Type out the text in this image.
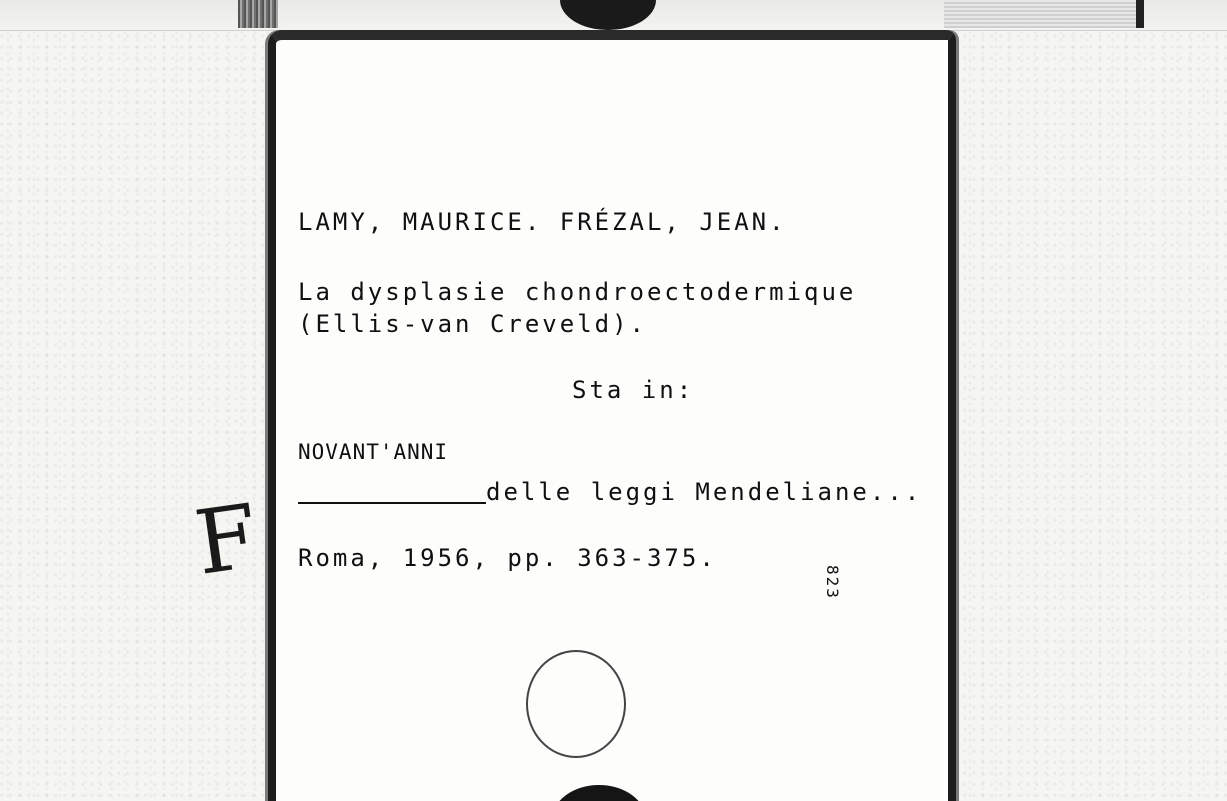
F
LAMY, MAURICE. FRÉZAL, JEAN.
La dysplasie chondroectodermique
(Ellis-van Creveld).
Sta in:
NOVANT'ANNI
delle leggi Mendeliane...
Roma, 1956, pp. 363-375.
823
